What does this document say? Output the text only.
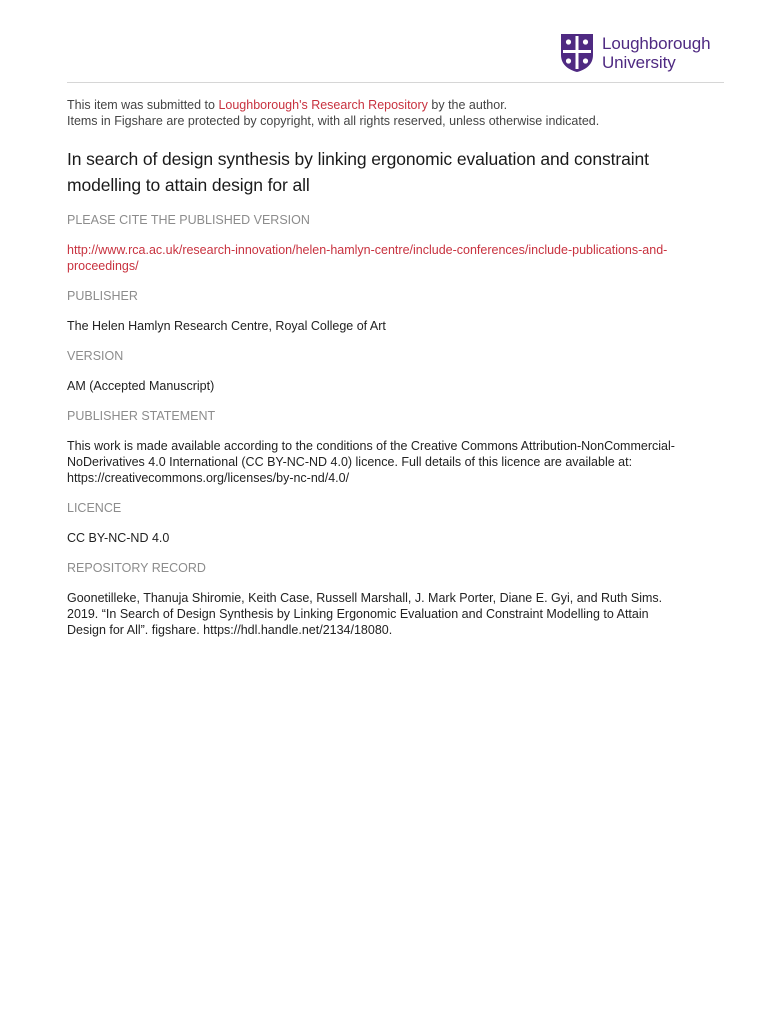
Loughborough
University
This item was submitted to Loughborough's Research Repository by the author.
Items in Figshare are protected by copyright, with all rights reserved, unless otherwise indicated.
In search of design synthesis by linking ergonomic evaluation and constraint modelling to attain design for all
PLEASE CITE THE PUBLISHED VERSION
http://www.rca.ac.uk/research-innovation/helen-hamlyn-centre/include-conferences/include-publications-and-
proceedings/
PUBLISHER
The Helen Hamlyn Research Centre, Royal College of Art
VERSION
AM (Accepted Manuscript)
PUBLISHER STATEMENT
This work is made available according to the conditions of the Creative Commons Attribution-NonCommercial-
NoDerivatives 4.0 International (CC BY-NC-ND 4.0) licence. Full details of this licence are available at:
https://creativecommons.org/licenses/by-nc-nd/4.0/
LICENCE
CC BY-NC-ND 4.0
REPOSITORY RECORD
Goonetilleke, Thanuja Shiromie, Keith Case, Russell Marshall, J. Mark Porter, Diane E. Gyi, and Ruth Sims.
2019. “In Search of Design Synthesis by Linking Ergonomic Evaluation and Constraint Modelling to Attain
Design for All”. figshare. https://hdl.handle.net/2134/18080.
